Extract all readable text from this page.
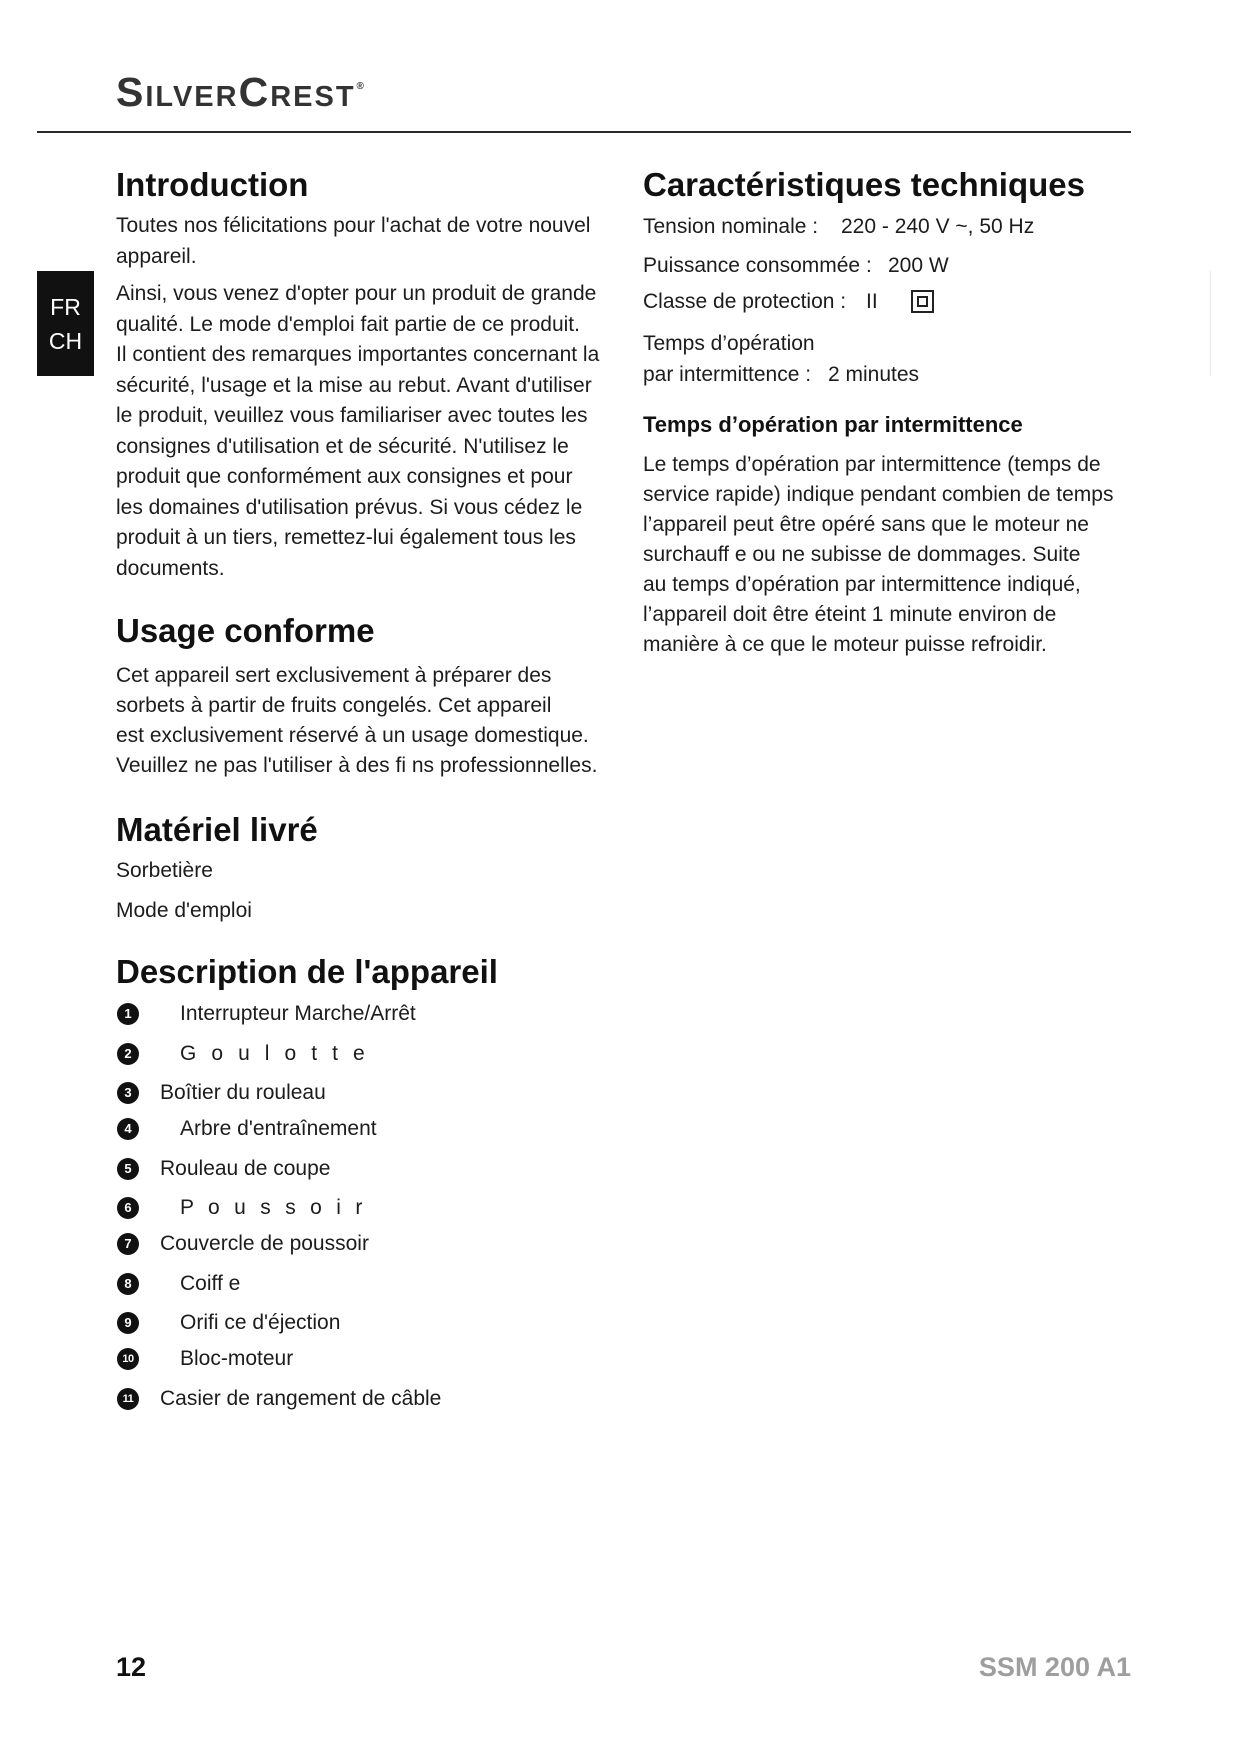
SilverCrest®
FR
CH
Introduction
Toutes nos félicitations pour l'achat de votre nouvel
appareil.
Ainsi, vous venez d'opter pour un produit de grande
qualité. Le mode d'emploi fait partie de ce produit.
Il contient des remarques importantes concernant la
sécurité, l'usage et la mise au rebut. Avant d'utiliser
le produit, veuillez vous familiariser avec toutes les
consignes d'utilisation et de sécurité. N'utilisez le
produit que conformément aux consignes et pour
les domaines d'utilisation prévus. Si vous cédez le
produit à un tiers, remettez-lui également tous les
documents.
Usage conforme
Cet appareil sert exclusivement à préparer des
sorbets à partir de fruits congelés. Cet appareil
est exclusivement réservé à un usage domestique.
Veuillez ne pas l'utiliser à des fi ns professionnelles.
Matériel livré
Sorbetière
Mode d'emploi
Description de l'appareil
1	Interrupteur Marche/Arrêt
2	G o u l o t t e
3	Boîtier du rouleau
4	Arbre d'entraînement
5	Rouleau de coupe
6	P o u s s o i r
7	Couvercle de poussoir
8	Coiff e
9	Orifi ce d'éjection
10 Bloc-moteur
11 Casier de rangement de câble
Caractéristiques techniques
Tension nominale : 220 - 240 V ~, 50 Hz
Puissance consommée : 200 W
Classe de protection : II
Temps d’opération
par intermittence : 2 minutes
Temps d’opération par intermittence
Le temps d’opération par intermittence (temps de
service rapide) indique pendant combien de temps
l’appareil peut être opéré sans que le moteur ne
surchauff e ou ne subisse de dommages. Suite
au temps d’opération par intermittence indiqué,
l’appareil doit être éteint 1 minute environ de
manière à ce que le moteur puisse refroidir.
12	SSM 200 A1
